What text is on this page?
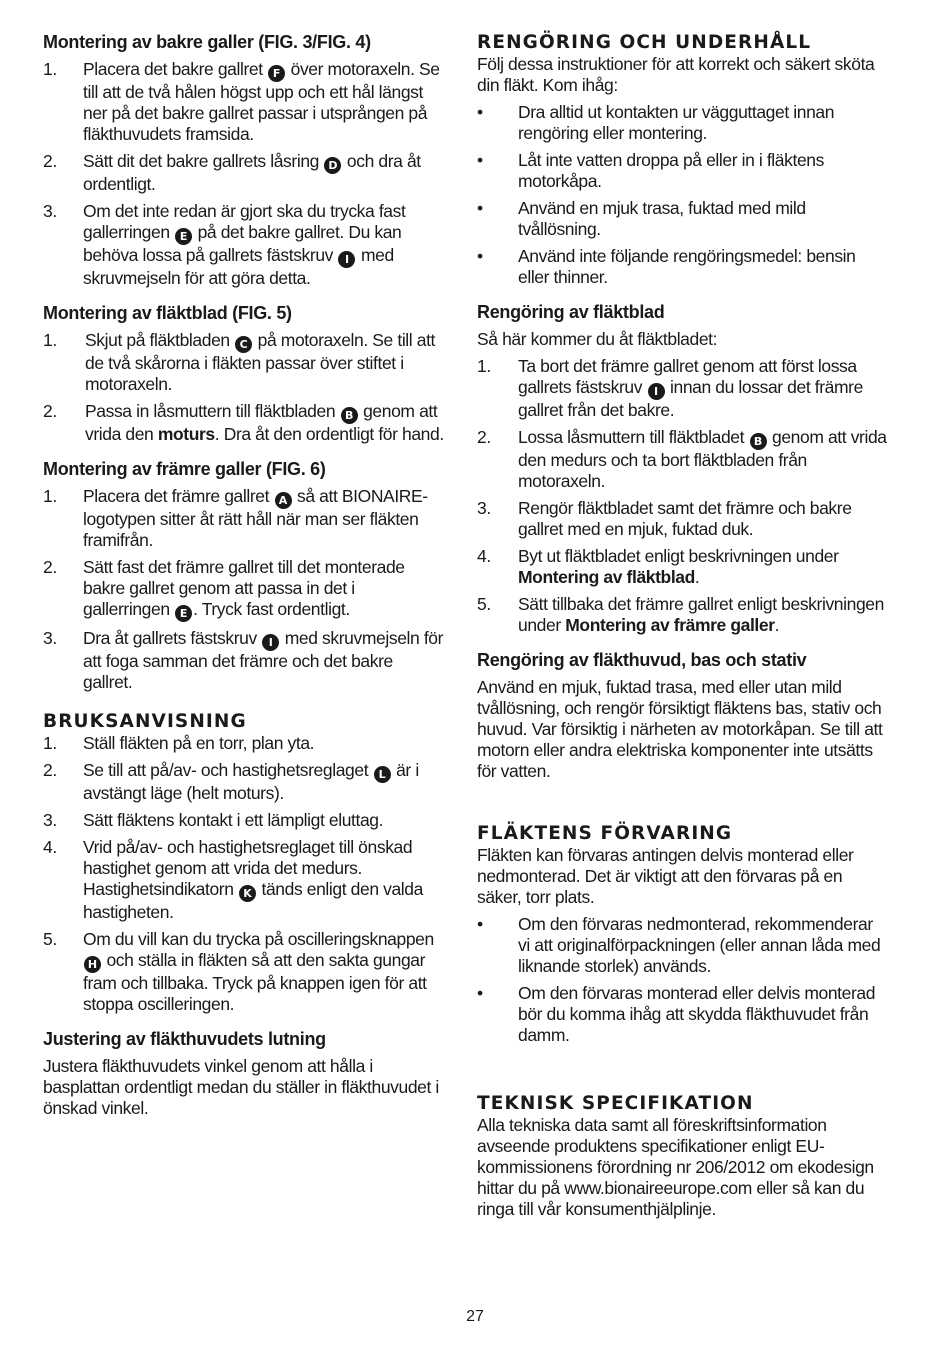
Montering av bakre galler (FIG. 3/FIG. 4)
1.	Placera det bakre gallret F över motoraxeln. Se till att de två hålen högst upp och ett hål längst ner på det bakre gallret passar i utsprången på fläkthuvudets framsida.
2.	Sätt dit det bakre gallrets låsring D och dra åt ordentligt.
3.	Om det inte redan är gjort ska du trycka fast gallerringen E på det bakre gallret. Du kan behöva lossa på gallrets fästskruv I med skruvmejseln för att göra detta.
Montering av fläktblad (FIG. 5)
1.	Skjut på fläktbladen C på motoraxeln. Se till att de två skårorna i fläkten passar över stiftet i motoraxeln.
2.	Passa in låsmuttern till fläktbladen B genom att vrida den moturs. Dra åt den ordentligt för hand.
Montering av främre galler (FIG. 6)
1.	Placera det främre gallret A så att BIONAIRE-logotypen sitter åt rätt håll när man ser fläkten framifrån.
2.	Sätt fast det främre gallret till det monterade bakre gallret genom att passa in det i gallerringen E . Tryck fast ordentligt.
3.	Dra åt gallrets fästskruv I med skruvmejseln för att foga samman det främre och det bakre gallret.
BRUKSANVISNING
1.	Ställ fläkten på en torr, plan yta.
2.	Se till att på/av- och hastighetsreglaget L är i avstängt läge (helt moturs).
3.	Sätt fläktens kontakt i ett lämpligt eluttag.
4.	Vrid på/av- och hastighetsreglaget till önskad hastighet genom att vrida det medurs. Hastighetsindikatorn K tänds enligt den valda hastigheten.
5.	Om du vill kan du trycka på oscilleringsknappen H och ställa in fläkten så att den sakta gungar fram och tillbaka. Tryck på knappen igen för att stoppa oscilleringen.
Justering av fläkthuvudets lutning

Justera fläkthuvudets vinkel genom att hålla i basplattan ordentligt medan du ställer in fläkthuvudet i önskad vinkel.

RENGÖRING OCH UNDERHÅLL

Följ dessa instruktioner för att korrekt och säkert sköta din fläkt. Kom ihåg:

•	Dra alltid ut kontakten ur vägguttaget innan rengöring eller montering.
•	Låt inte vatten droppa på eller in i fläktens motorkåpa.
•	Använd en mjuk trasa, fuktad med mild tvållösning.
•	Använd inte följande rengöringsmedel: bensin eller thinner.
Rengöring av fläktblad

Så här kommer du åt fläktbladet:

1.	Ta bort det främre gallret genom att först lossa gallrets fästskruv I innan du lossar det främre gallret från det bakre.
2.	Lossa låsmuttern till fläktbladet B genom att vrida den medurs och ta bort fläktbladen från motoraxeln.
3.	Rengör fläktbladet samt det främre och bakre gallret med en mjuk, fuktad duk.
4.	Byt ut fläktbladet enligt beskrivningen under Montering av fläktblad.
5.	Sätt tillbaka det främre gallret enligt beskrivningen under Montering av främre galler.
Rengöring av fläkthuvud, bas och stativ

Använd en mjuk, fuktad trasa, med eller utan mild tvållösning, och rengör försiktigt fläktens bas, stativ och huvud. Var försiktig i närheten av motorkåpan. Se till att motorn eller andra elektriska komponenter inte utsätts för vatten.

FLÄKTENS FÖRVARING

Fläkten kan förvaras antingen delvis monterad eller nedmonterad. Det är viktigt att den förvaras på en säker, torr plats.

•	Om den förvaras nedmonterad, rekommenderar vi att originalförpackningen (eller annan låda med liknande storlek) används.
•	Om den förvaras monterad eller delvis monterad bör du komma ihåg att skydda fläkthuvudet från damm.
TEKNISK SPECIFIKATION

Alla tekniska data samt all föreskriftsinformation avseende produktens specifikationer enligt EU-kommissionens förordning nr 206/2012 om ekodesign hittar du på www.bionaireeurope.com eller så kan du ringa till vår konsumenthjälplinje.

27
